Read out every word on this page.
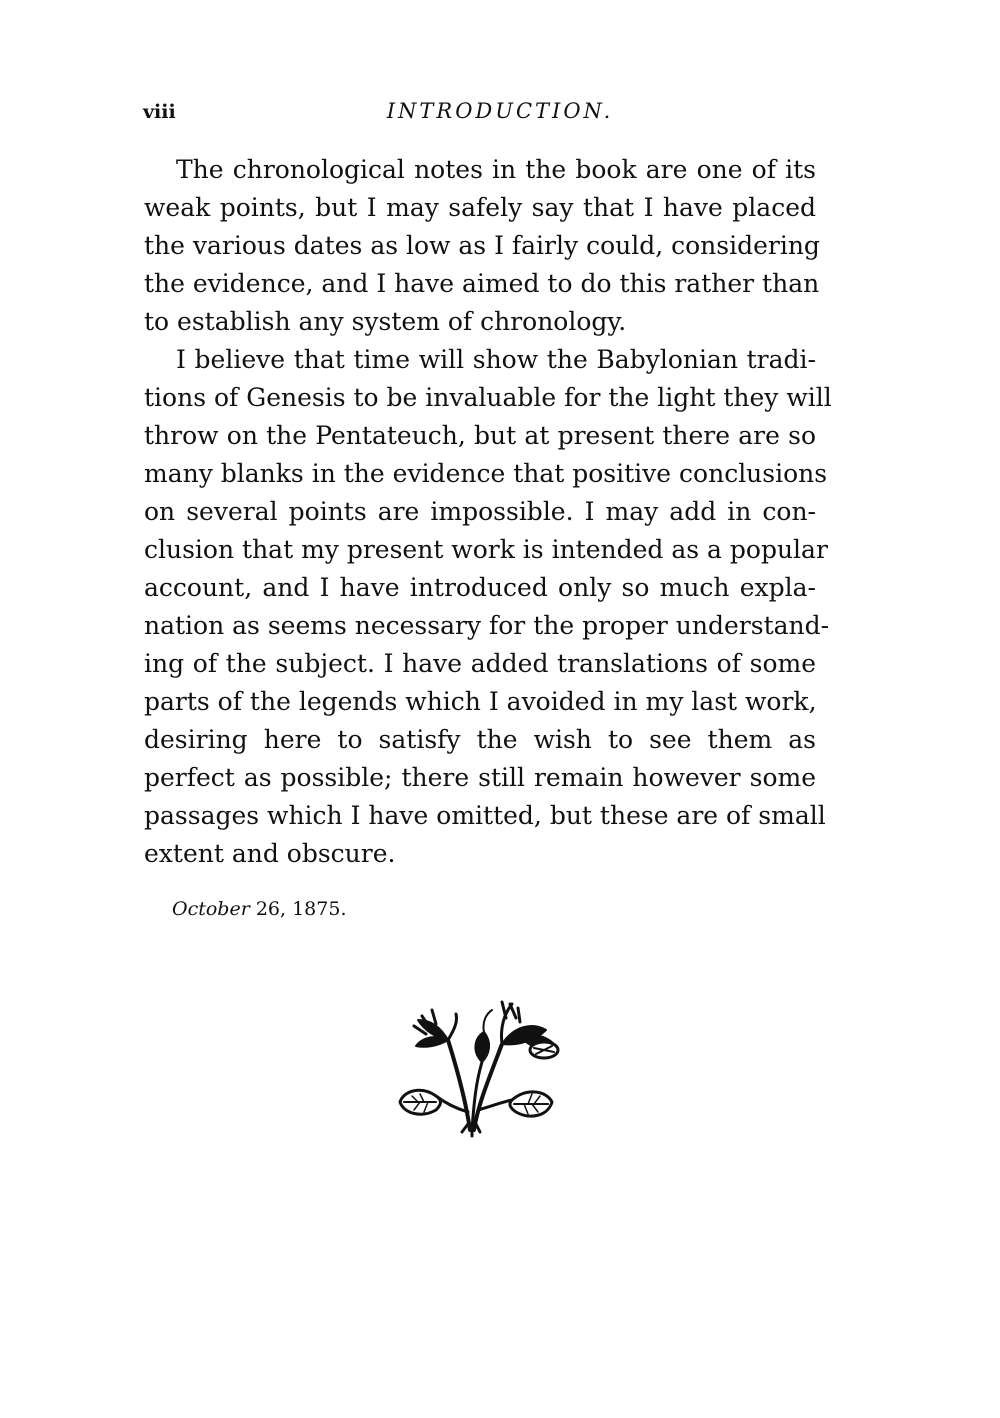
viii	INTRODUCTION.
The chronological notes in the book are one of its
weak points, but I may safely say that I have placed
the various dates as low as I fairly could, considering
the evidence, and I have aimed to do this rather than
to establish any system of chronology.
I believe that time will show the Babylonian tradi-
tions of Genesis to be invaluable for the light they will
throw on the Pentateuch, but at present there are so
many blanks in the evidence that positive conclusions
on several points are impossible. I may add in con-
clusion that my present work is intended as a popular
account, and I have introduced only so much expla-
nation as seems necessary for the proper understand-
ing of the subject. I have added translations of some
parts of the legends which I avoided in my last work,
desiring here to satisfy the wish to see them as
perfect as possible; there still remain however some
passages which I have omitted, but these are of small
extent and obscure.
October 26, 1875.
